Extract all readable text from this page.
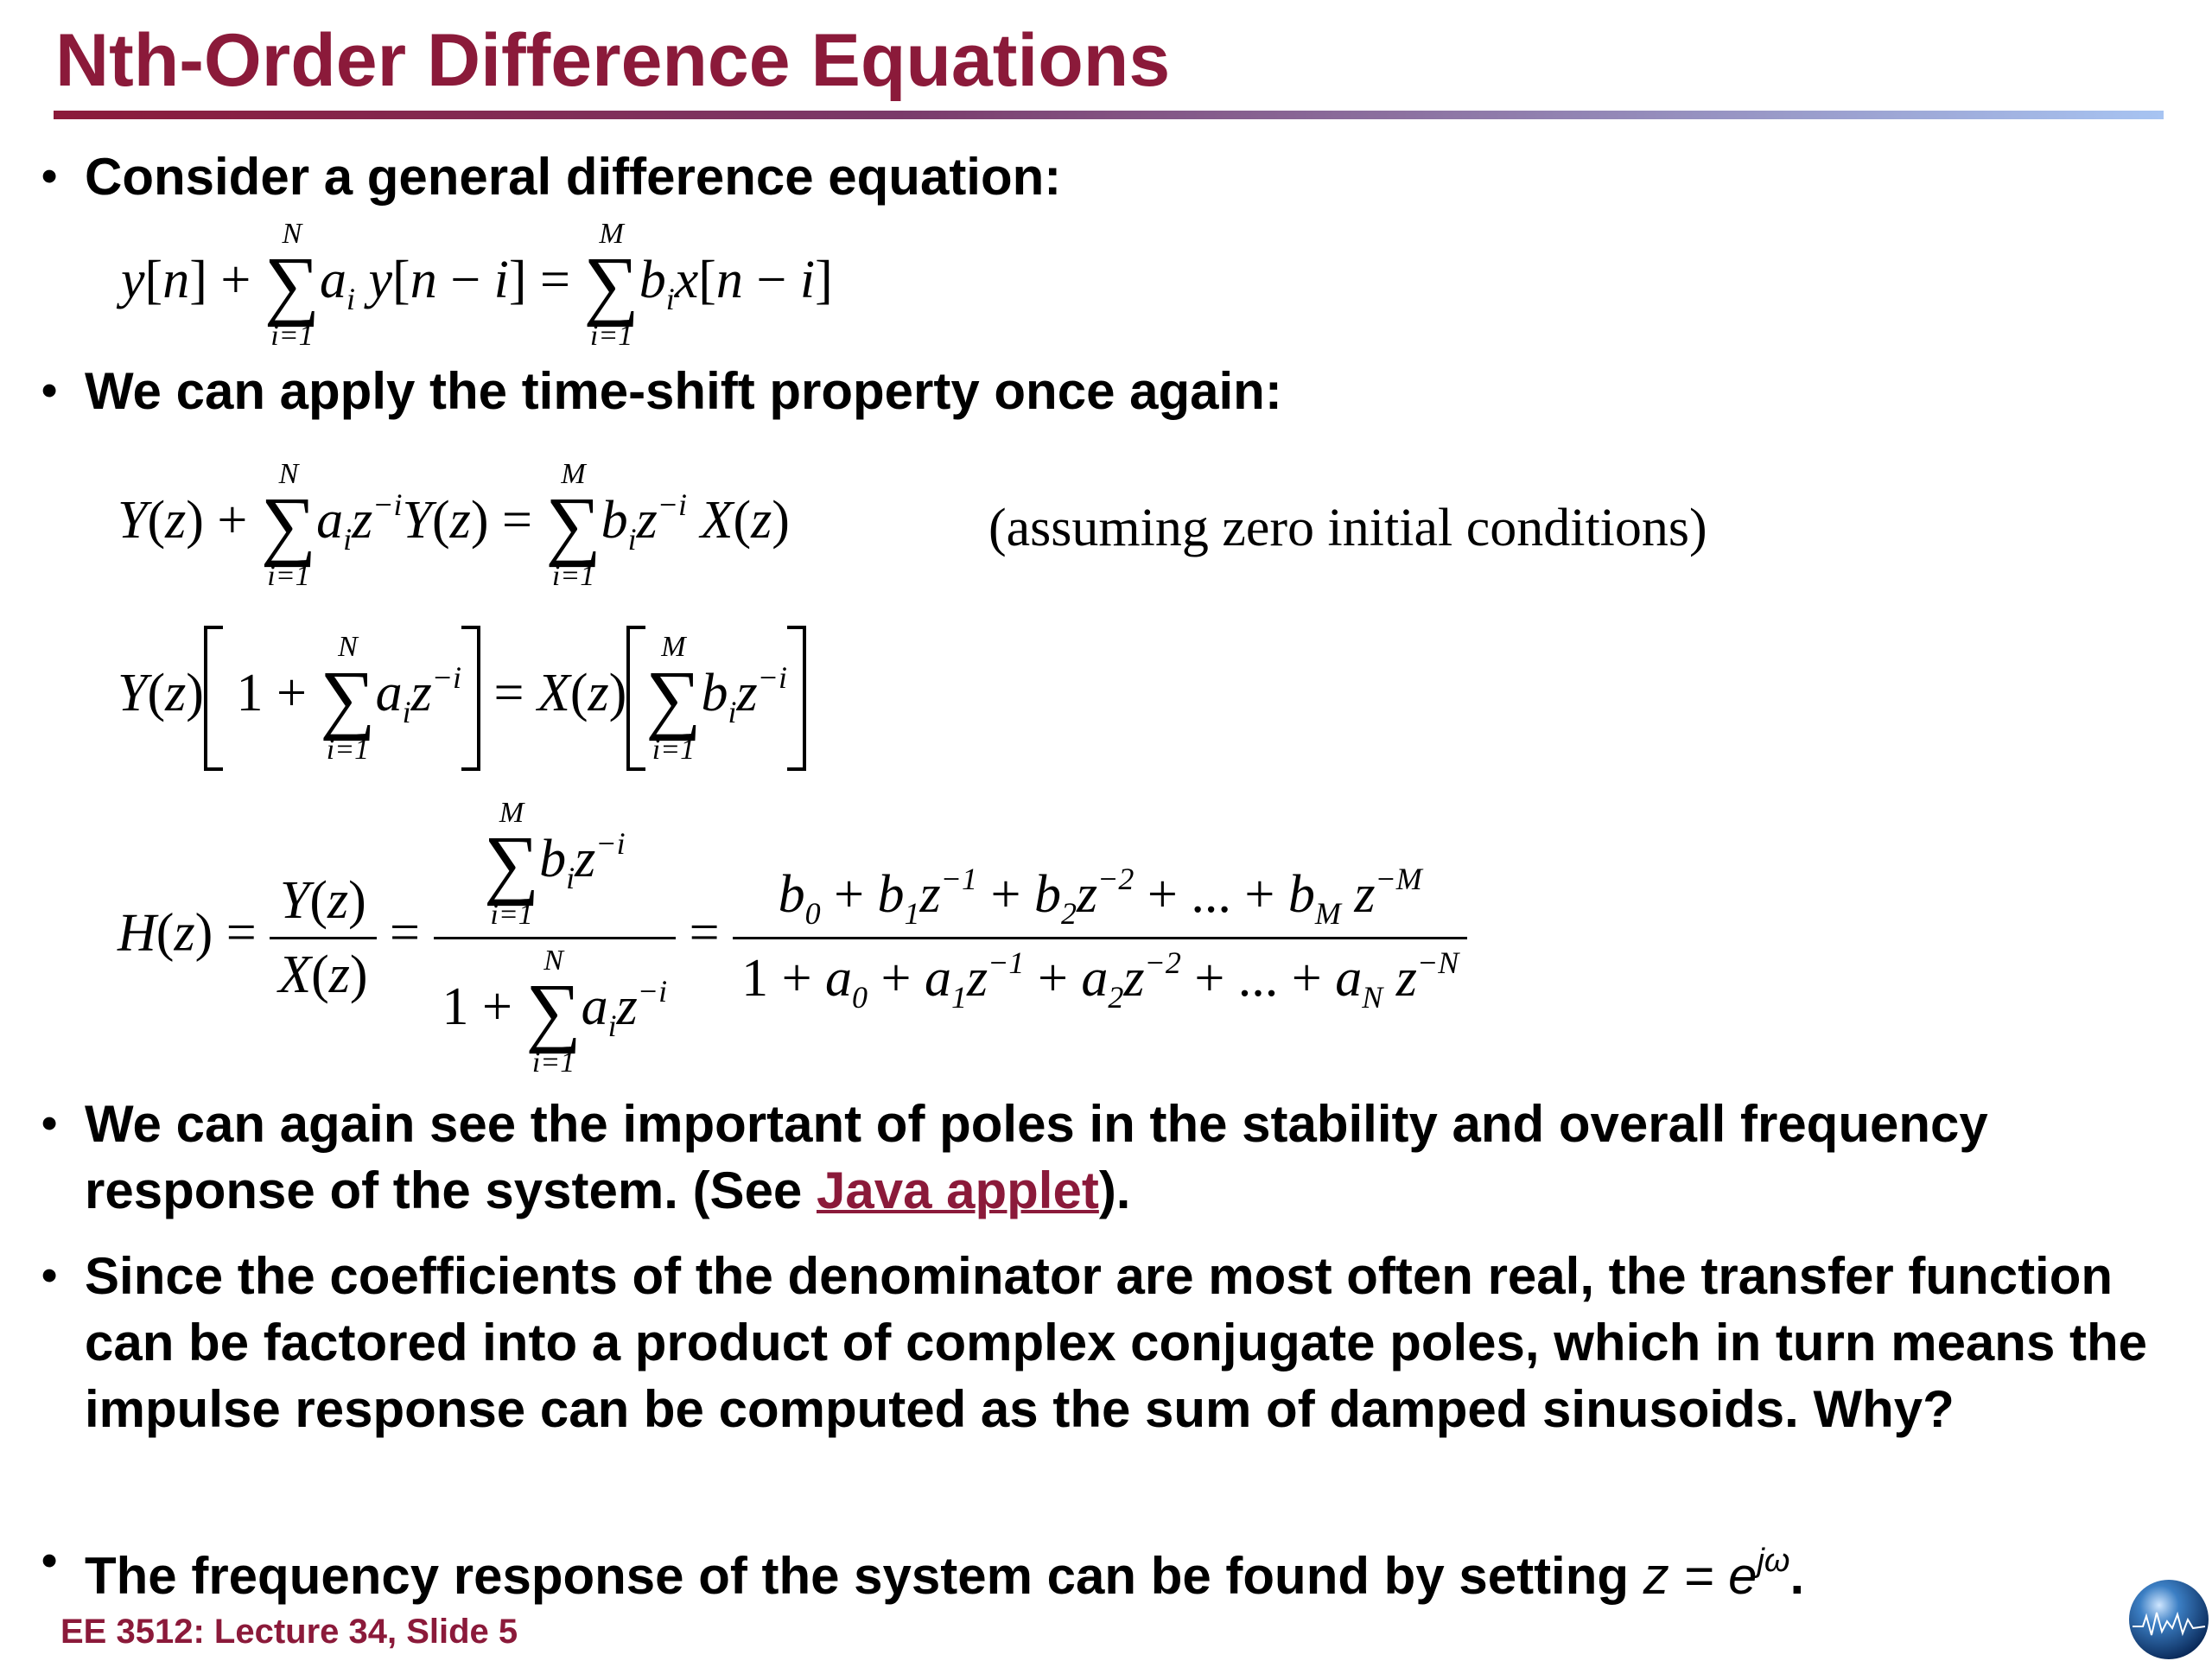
Nth-Order Difference Equations
• Consider a general difference equation:
y[n] +
N
∑
i=1
$a_i$ y[n − i] =
M
∑
i=1
$b_ix[n - i]$
• We can apply the time-shift property once again:
Y(z) +
N
∑
i=1
$a_iz^{-i}Y(z)$ =
M
∑
i=1
$b_iz^{-i}$ X(z)	(assuming zero initial conditions)
Y(z) 1 +
N
∑
i=1
$a_iz^{-i} = X(z)$
M
∑
i=1
$b_iz^{-i}$
$H(z) = \frac{Y(z)}{X(z)} = M$
∑
i=1
$b_iz^{-i}$
1 +
N
∑
i=1
$a_iz^{-i} = \frac{b_0 + b_1z^{-1} + b_2z^{-2} + ... + b_M z^{-M}}{1 + a_0 + a_1z^{-1} + a_2z^{-2} + ... + a_N z^{-N}}$
• We can again see the important of poles in the stability and overall frequency response of the system. (See Java applet).
• Since the coefficients of the denominator are most often real, the transfer function can be factored into a product of complex conjugate poles, which in turn means the impulse response can be computed as the sum of damped sinusoids. Why?
• The frequency response of the system can be found by setting $z = e^{j\omega}$.
EE 3512: Lecture 34, Slide 5
